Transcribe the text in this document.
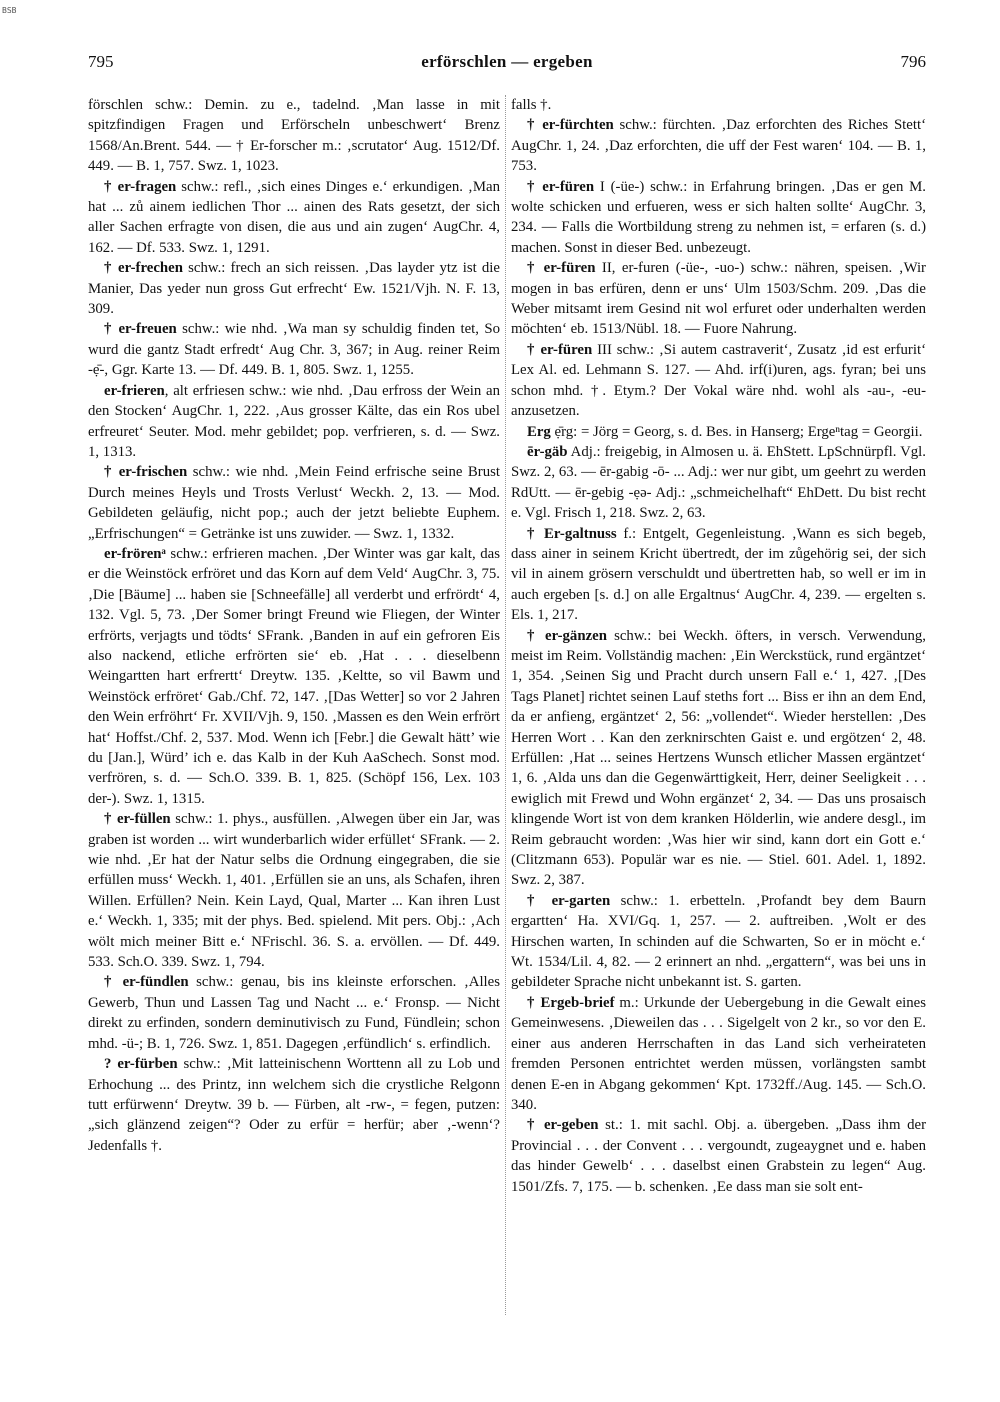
BSB
795	erförschlen — ergeben	796

förschlen schw.: Demin. zu e., tadelnd. ‚Man lasse in mit spitzfindigen Fragen und Erförscheln unbeschwert‘ Brenz 1568/An.Brent. 544. — † Er-forscher m.: ‚scrutator‘ Aug. 1512/Df. 449. — B. 1, 757. Swz. 1, 1023.

† er-fragen schw.: refl., ‚sich eines Dinges e.‘ erkundigen. ‚Man hat ... zů ainem iedlichen Thor ... ainen des Rats gesetzt, der sich aller Sachen erfragte von disen, die aus und ain zugen‘ AugChr. 4, 162. — Df. 533. Swz. 1, 1291.

† er-frechen schw.: frech an sich reissen. ‚Das layder ytz ist die Manier, Das yeder nun gross Gut erfrecht‘ Ew. 1521/Vjh. N. F. 13, 309.

† er-freuen schw.: wie nhd. ‚Wa man sy schuldig finden tet, So wurd die gantz Stadt erfredt‘ Aug Chr. 3, 367; in Aug. reiner Reim -ẹ̄-, Ggr. Karte 13. — Df. 449. B. 1, 805. Swz. 1, 1255.

er-frieren, alt erfriesen schw.: wie nhd. ‚Dau erfross der Wein an den Stocken‘ AugChr. 1, 222. ‚Aus grosser Kälte, das ein Ros ubel erfreuret‘ Seuter. Mod. mehr gebildet; pop. verfrieren, s. d. — Swz. 1, 1313.

† er-frischen schw.: wie nhd. ‚Mein Feind erfrische seine Brust Durch meines Heyls und Trosts Verlust‘ Weckh. 2, 13. — Mod. Gebildeten geläufig, nicht pop.; auch der jetzt beliebte Euphem. „Erfrischungen“ = Getränke ist uns zuwider. — Swz. 1, 1332.

er-frörenᵃ schw.: erfrieren machen. ‚Der Winter was gar kalt, das er die Weinstöck erfröret und das Korn auf dem Veld‘ AugChr. 3, 75. ‚Die [Bäume] ... haben sie [Schneefälle] all verderbt und erfrördt‘ 4, 132. Vgl. 5, 73. ‚Der Somer bringt Freund wie Fliegen, der Winter erfrörts, verjagts und tödts‘ SFrank. ‚Banden in auf ein gefroren Eis also nackend, etliche erfrörten sie‘ eb. ‚Hat . . . dieselbenn Weingartten hart erfrertt‘ Dreytw. 135. ‚Keltte, so vil Bawm und Weinstöck erfröret‘ Gab./Chf. 72, 147. ‚[Das Wetter] so vor 2 Jahren den Wein erfröhrt‘ Fr. XVII/Vjh. 9, 150. ‚Massen es den Wein erfrört hat‘ Hoffst./Chf. 2, 537. Mod. Wenn ich [Febr.] die Gewalt hätt’ wie du [Jan.], Würd’ ich e. das Kalb in der Kuh AaSchech. Sonst mod. verfrören, s. d. — Sch.O. 339. B. 1, 825. (Schöpf 156, Lex. 103 der-). Swz. 1, 1315.

† er-füllen schw.: 1. phys., ausfüllen. ‚Alwegen über ein Jar, was graben ist worden ... wirt wunderbarlich wider erfüllet‘ SFrank. — 2. wie nhd. ‚Er hat der Natur selbs die Ordnung eingegraben, die sie erfüllen muss‘ Weckh. 1, 401. ‚Erfüllen sie an uns, als Schafen, ihren Willen. Erfüllen? Nein. Kein Layd, Qual, Marter ... Kan ihren Lust e.‘ Weckh. 1, 335; mit der phys. Bed. spielend. Mit pers. Obj.: ‚Ach wölt mich meiner Bitt e.‘ NFrischl. 36. S. a. ervöllen. — Df. 449. 533. Sch.O. 339. Swz. 1, 794.

† er-fündlen schw.: genau, bis ins kleinste erforschen. ‚Alles Gewerb, Thun und Lassen Tag und Nacht ... e.‘ Fronsp. — Nicht direkt zu erfinden, sondern deminutivisch zu Fund, Fündlein; schon mhd. -ü-; B. 1, 726. Swz. 1, 851. Dagegen ‚erfündlich‘ s. erfindlich.

? er-fürben schw.: ‚Mit latteinischenn Worttenn all zu Lob und Erhochung ... des Printz, inn welchem sich die crystliche Relgonn tutt erfürwenn‘ Dreytw. 39 b. — Fürben, alt -rw-, = fegen, putzen: „sich glänzend zeigen“? Oder zu erfür = herfür; aber ‚-wenn‘? Jedenfalls †.

falls †.

† er-fürchten schw.: fürchten. ‚Daz erforchten des Riches Stett‘ AugChr. 1, 24. ‚Daz erforchten, die uff der Fest waren‘ 104. — B. 1, 753.

† er-füren I (-üe-) schw.: in Erfahrung bringen. ‚Das er gen M. wolte schicken und erfueren, wess er sich halten sollte‘ AugChr. 3, 234. — Falls die Wortbildung streng zu nehmen ist, = erfaren (s. d.) machen. Sonst in dieser Bed. unbezeugt.

† er-füren II, er-furen (-üe-, -uo-) schw.: nähren, speisen. ‚Wir mogen in bas erfüren, denn er uns‘ Ulm 1503/Schm. 209. ‚Das die Weber mitsamt irem Gesind nit wol erfuret oder underhalten werden möchten‘ eb. 1513/Nübl. 18. — Fuore Nahrung.

† er-füren III schw.: ‚Si autem castraverit‘, Zusatz ‚id est erfurit‘ Lex Al. ed. Lehmann S. 127. — Ahd. irf(i)uren, ags. fyran; bei uns schon mhd. †. Etym.? Der Vokal wäre nhd. wohl als -au-, -eu- anzusetzen.

Erg ẹ̄rg: = Jörg = Georg, s. d. Bes. in Hanserg; Ergeⁿtag = Georgii.

ēr-gäb Adj.: freigebig, in Almosen u. ä. EhStett. LpSchnürpfl. Vgl. Swz. 2, 63. — ēr-gabig -ō- ... Adj.: wer nur gibt, um geehrt zu werden RdUtt. — ēr-gebig -ẹə- Adj.: „schmeichelhaft“ EhDett. Du bist recht e. Vgl. Frisch 1, 218. Swz. 2, 63.

† Er-galtnuss f.: Entgelt, Gegenleistung. ‚Wann es sich begeb, dass ainer in seinem Kricht übertredt, der im zůgehörig sei, der sich vil in ainem grösern verschuldt und übertretten hab, so well er im in auch ergeben [s. d.] on alle Ergaltnus‘ AugChr. 4, 239. — ergelten s. Els. 1, 217.

† er-gänzen schw.: bei Weckh. öfters, in versch. Verwendung, meist im Reim. Vollständig machen: ‚Ein Werckstück, rund ergäntzet‘ 1, 354. ‚Seinen Sig und Pracht durch unsern Fall e.‘ 1, 427. ‚[Des Tags Planet] richtet seinen Lauf steths fort ... Biss er ihn an dem End, da er anfieng, ergäntzet‘ 2, 56: „vollendet“. Wieder herstellen: ‚Des Herren Wort . . Kan den zerknirschten Gaist e. und ergötzen‘ 2, 48. Erfüllen: ‚Hat ... seines Hertzens Wunsch etlicher Massen ergäntzet‘ 1, 6. ‚Alda uns dan die Gegenwärttigkeit, Herr, deiner Seeligkeit . . . ewiglich mit Frewd und Wohn ergänzet‘ 2, 34. — Das uns prosaisch klingende Wort ist von dem kranken Hölderlin, wie andere desgl., im Reim gebraucht worden: ‚Was hier wir sind, kann dort ein Gott e.‘ (Clitzmann 653). Populär war es nie. — Stiel. 601. Adel. 1, 1892. Swz. 2, 387.

† er-garten schw.: 1. erbetteln. ‚Profandt bey dem Baurn ergartten‘ Ha. XVI/Gq. 1, 257. — 2. auftreiben. ‚Wolt er des Hirschen warten, In schinden auf die Schwarten, So er in möcht e.‘ Wt. 1534/Lil. 4, 82. — 2 erinnert an nhd. „ergattern“, was bei uns in gebildeter Sprache nicht unbekannt ist. S. garten.

† Ergeb-brief m.: Urkunde der Uebergebung in die Gewalt eines Gemeinwesens. ‚Dieweilen das . . . Sigelgelt von 2 kr., so vor den E. einer aus anderen Herrschaften in das Land sich verheirateten fremden Personen entrichtet werden müssen, vorlängsten sambt denen E-en in Abgang gekommen‘ Kpt. 1732ff./Aug. 145. — Sch.O. 340.

† er-geben st.: 1. mit sachl. Obj. a. übergeben. „Dass ihm der Provincial . . . der Convent . . . vergoundt, zugeaygnet und e. haben das hinder Gewelb‘ . . . daselbst einen Grabstein zu legen“ Aug. 1501/Zfs. 7, 175. — b. schenken. ‚Ee dass man sie solt ent-
